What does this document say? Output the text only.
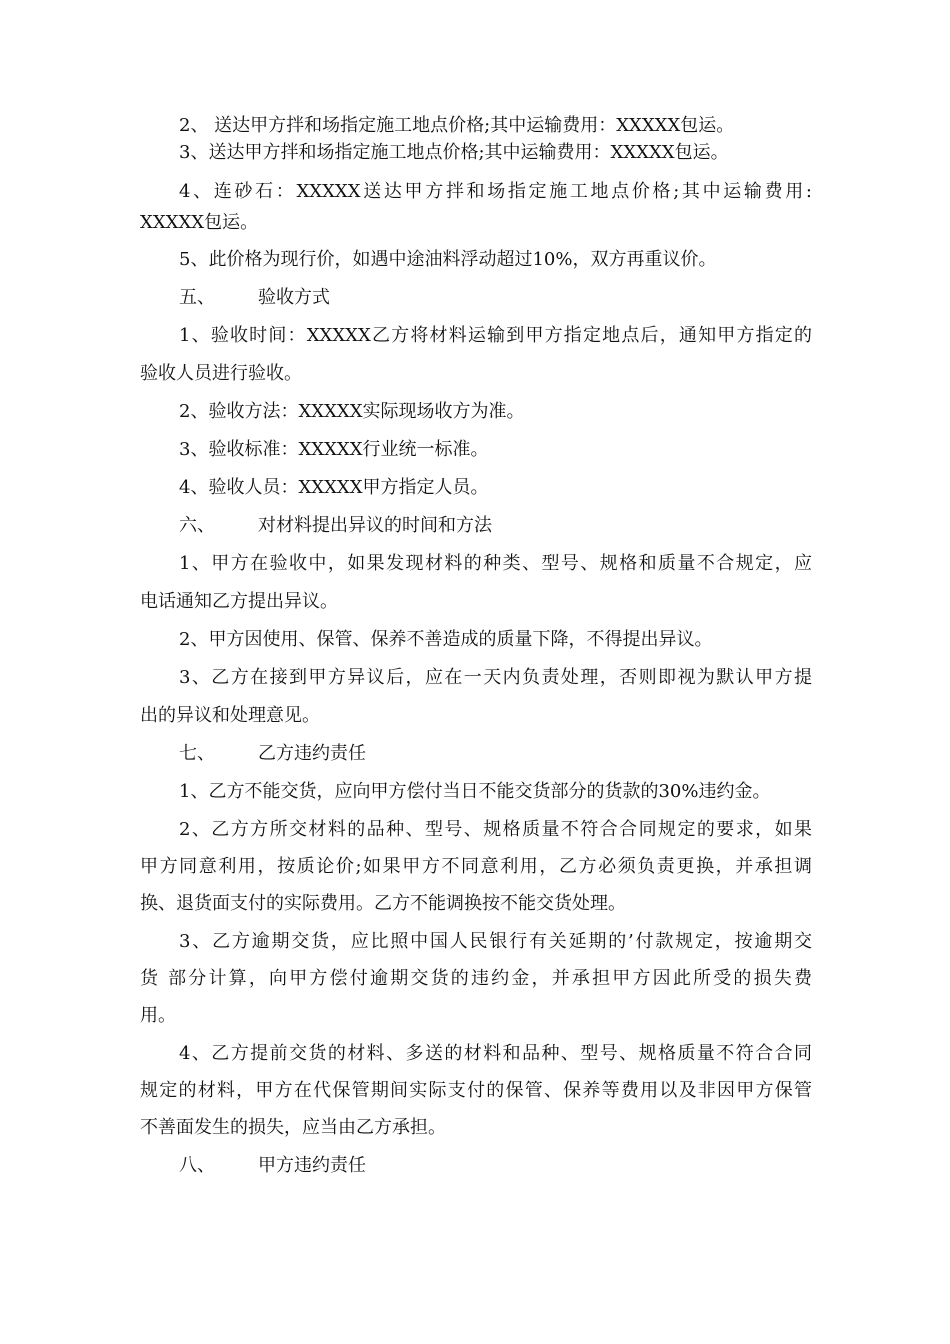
2、 送达甲方拌和场指定施工地点价格;其中运输费用：XXXXX包运。
3、送达甲方拌和场指定施工地点价格;其中运输费用：XXXXX包运。
4、连砂石：XXXXX送达甲方拌和场指定施工地点价格;其中运输费用:
XXXXX包运。
5、此价格为现行价，如遇中途油料浮动超过10%，双方再重议价。
五、 验收方式
1、验收时间：XXXXX乙方将材料运输到甲方指定地点后，通知甲方指定的
验收人员进行验收。
2、验收方法：XXXXX实际现场收方为准。
3、验收标准：XXXXX行业统一标准。
4、验收人员：XXXXX甲方指定人员。
六、 对材料提出异议的时间和方法
1、甲方在验收中，如果发现材料的种类、型号、规格和质量不合规定，应
电话通知乙方提出异议。
2、甲方因使用、保管、保养不善造成的质量下降，不得提出异议。
3、乙方在接到甲方异议后，应在一天内负责处理，否则即视为默认甲方提
出的异议和处理意见。
七、 乙方违约责任
1、乙方不能交货，应向甲方偿付当日不能交货部分的货款的30%违约金。
2、乙方方所交材料的品种、型号、规格质量不符合合同规定的要求，如果
甲方同意利用，按质论价;如果甲方不同意利用，乙方必须负责更换，并承担调
换、退货面支付的实际费用。乙方不能调换按不能交货处理。
3、乙方逾期交货，应比照中国人民银行有关延期的’付款规定，按逾期交
货 部分计算，向甲方偿付逾期交货的违约金，并承担甲方因此所受的损失费
用。
4、乙方提前交货的材料、多送的材料和品种、型号、规格质量不符合合同
规定的材料，甲方在代保管期间实际支付的保管、保养等费用以及非因甲方保管
不善面发生的损失，应当由乙方承担。
八、 甲方违约责任
